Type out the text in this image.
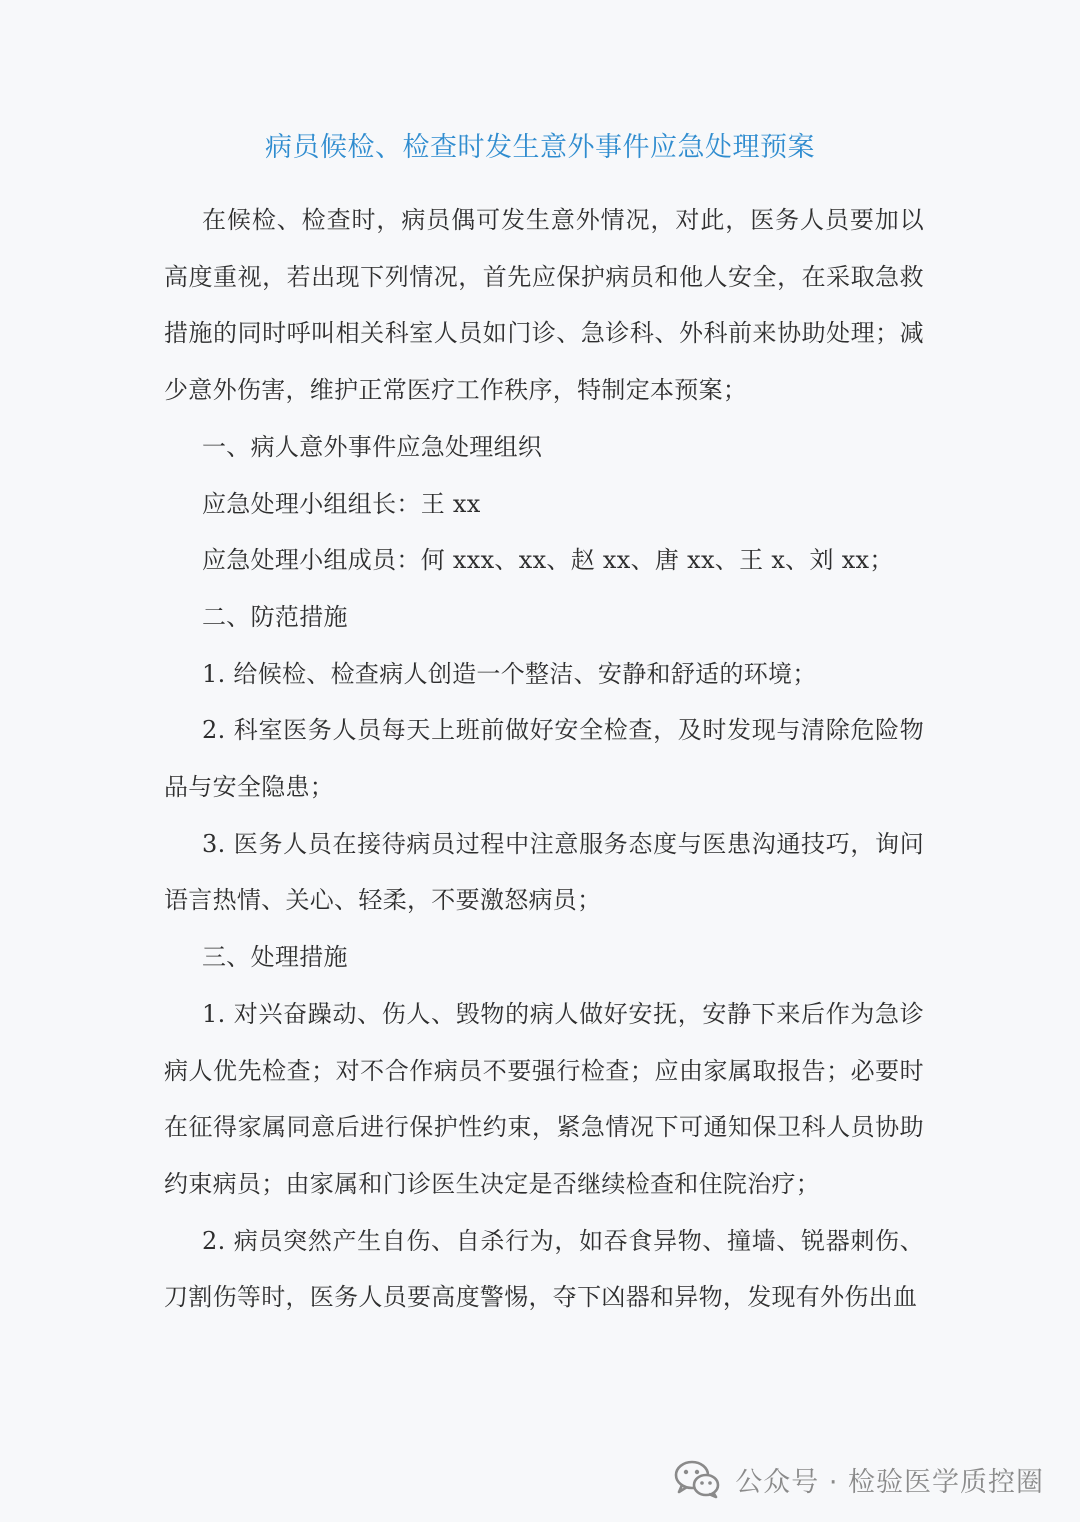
病员候检、检查时发生意外事件应急处理预案

在候检、检查时，病员偶可发生意外情况，对此，医务人员要加以高度重视，若出现下列情况，首先应保护病员和他人安全，在采取急救措施的同时呼叫相关科室人员如门诊、急诊科、外科前来协助处理；减少意外伤害，维护正常医疗工作秩序，特制定本预案；

一、病人意外事件应急处理组织

应急处理小组组长：王 xx

应急处理小组成员：何 xxx、xx、赵 xx、唐 xx、王 x、刘 xx；

二、防范措施

1. 给候检、检查病人创造一个整洁、安静和舒适的环境；

2. 科室医务人员每天上班前做好安全检查，及时发现与清除危险物品与安全隐患；

3. 医务人员在接待病员过程中注意服务态度与医患沟通技巧，询问语言热情、关心、轻柔，不要激怒病员；

三、处理措施

1. 对兴奋躁动、伤人、毁物的病人做好安抚，安静下来后作为急诊病人优先检查；对不合作病员不要强行检查；应由家属取报告；必要时在征得家属同意后进行保护性约束，紧急情况下可通知保卫科人员协助约束病员；由家属和门诊医生决定是否继续检查和住院治疗；

2. 病员突然产生自伤、自杀行为，如吞食异物、撞墙、锐器刺伤、刀割伤等时，医务人员要高度警惕，夺下凶器和异物，发现有外伤出血

公众号 · 检验医学质控圈
